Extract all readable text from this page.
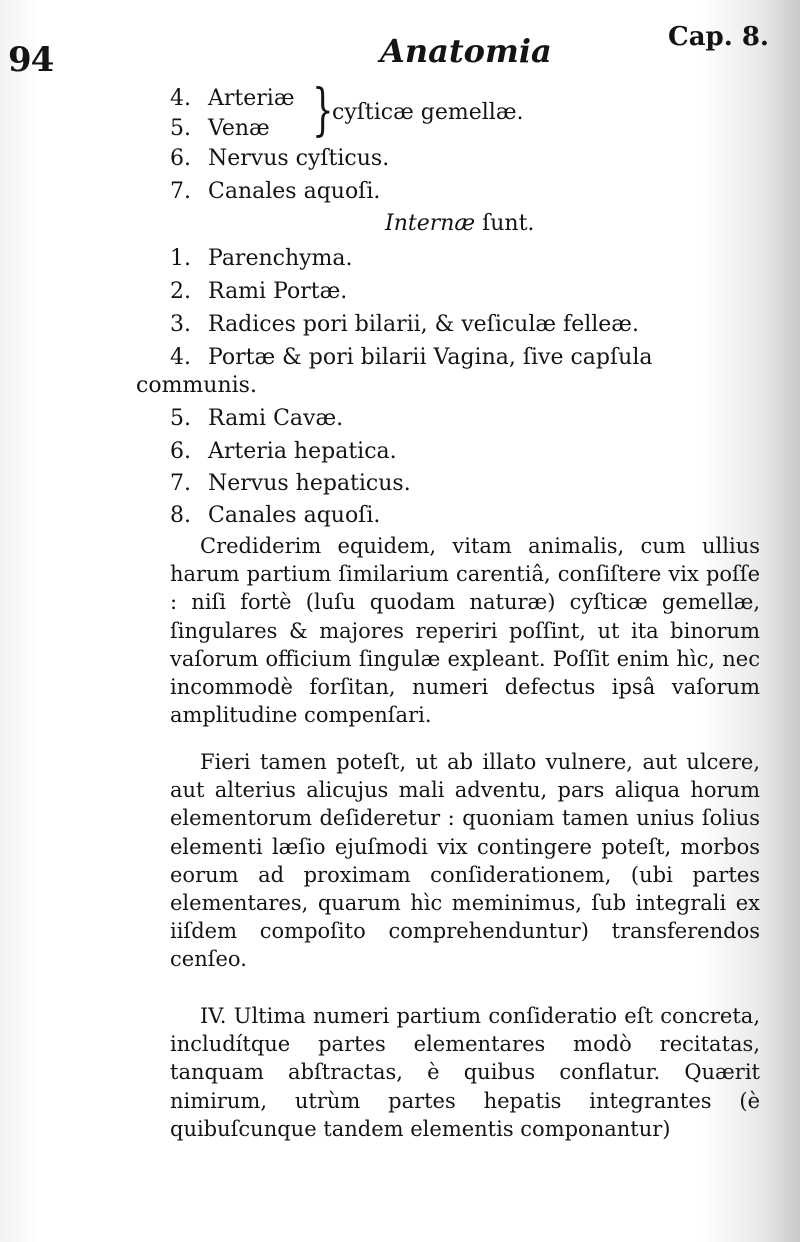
94	Anatomia	Cap. 8.
4. Arteriæ
5. Venæ }
cyſticæ gemellæ.
6. Nervus cyſticus.
7. Canales aquoſi.
Internæ ſunt.
1. Parenchyma.
2. Rami Portæ.
3. Radices pori bilarii, & veſiculæ felleæ.
4. Portæ & pori bilarii Vagina, ſive capſula
communis.
5. Rami Cavæ.
6. Arteria hepatica.
7. Nervus hepaticus.
8. Canales aquoſi.
Crediderim equidem, vitam animalis, cum ullius harum partium ſimilarium carentiâ, conſiſtere vix poſſe : niſi fortè (luſu quodam naturæ) cyſticæ gemellæ, ſingulares & majores reperiri poſſint, ut ita binorum vaſorum officium ſingulæ expleant. Poſſit enim hìc, nec incommodè forſitan, numeri defectus ipsâ vaſorum amplitudine compenſari.
Fieri tamen poteſt, ut ab illato vulnere, aut ulcere, aut alterius alicujus mali adventu, pars aliqua horum elementorum deſideretur : quoniam tamen unius ſolius elementi læſio ejuſmodi vix contingere poteſt, morbos eorum ad proximam conſiderationem, (ubi partes elementares, quarum hìc meminimus, ſub integrali ex iiſdem compoſito comprehenduntur) transferendos cenſeo.
IV. Ultima numeri partium conſideratio eſt concreta, includítque partes elementares modò recitatas, tanquam abſtractas, è quibus conflatur. Quærit nimirum, utrùm partes hepatis integrantes (è quibuſcunque tandem elementis componantur)
